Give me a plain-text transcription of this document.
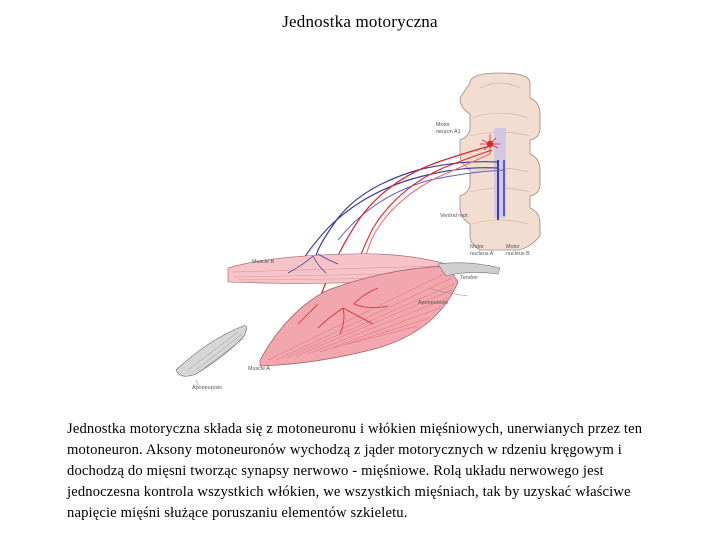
Jednostka motoryczna
Motor
neuron A1
Ventral root
Motor
nucleus A
Motor
nucleus B
Muscle B
Tendon
Aponeurosis
Muscle A
Aponeurosis

Jednostka motoryczna składa się z motoneuronu i włókien mięśniowych, unerwianych przez ten motoneuron. Aksony motoneuronów wychodzą z jąder motorycznych w rdzeniu kręgowym i dochodzą do mięsni tworząc synapsy nerwowo - mięśniowe. Rolą układu nerwowego jest jednoczesna kontrola wszystkich włókien, we wszystkich mięśniach, tak by uzyskać właściwe napięcie mięśni służące poruszaniu elementów szkieletu.
